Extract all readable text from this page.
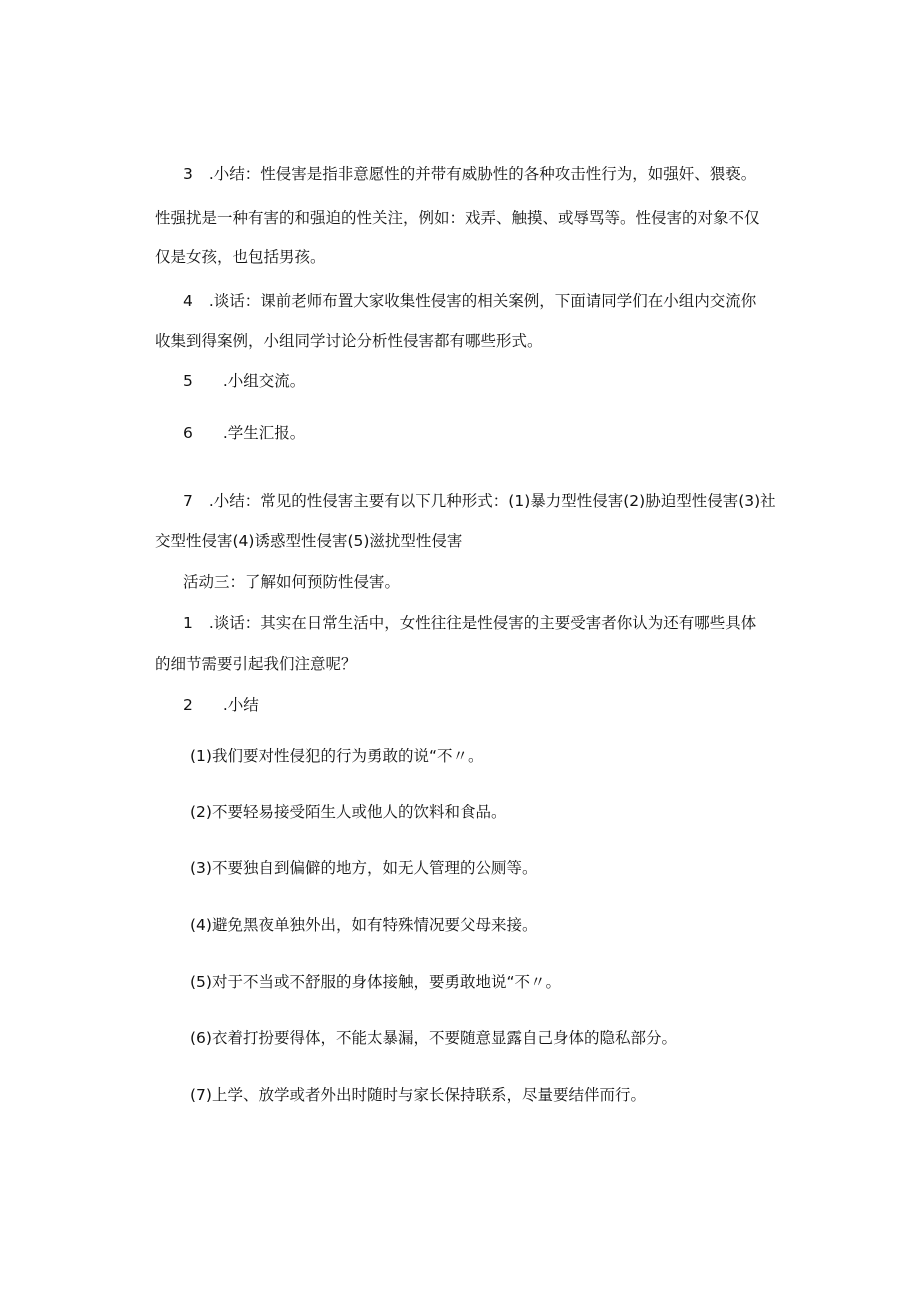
3 .小结：性侵害是指非意愿性的并带有威胁性的各种攻击性行为，如强奸、猥亵。
性强扰是一种有害的和强迫的性关注，例如：戏弄、触摸、或辱骂等。性侵害的对象不仅
仅是女孩，也包括男孩。
4 .谈话：课前老师布置大家收集性侵害的相关案例，下面请同学们在小组内交流你
收集到得案例，小组同学讨论分析性侵害都有哪些形式。
5 .小组交流。
6 .学生汇报。
7 .小结：常见的性侵害主要有以下几种形式：(1)暴力型性侵害(2)胁迫型性侵害(3)社
交型性侵害(4)诱惑型性侵害(5)滋扰型性侵害
活动三：了解如何预防性侵害。
1 .谈话：其实在日常生活中，女性往往是性侵害的主要受害者你认为还有哪些具体
的细节需要引起我们注意呢？
2 .小结
(1)我们要对性侵犯的行为勇敢的说“不〃。
(2)不要轻易接受陌生人或他人的饮料和食品。
(3)不要独自到偏僻的地方，如无人管理的公厕等。
(4)避免黑夜单独外出，如有特殊情况要父母来接。
(5)对于不当或不舒服的身体接触，要勇敢地说“不〃。
(6)衣着打扮要得体，不能太暴漏，不要随意显露自己身体的隐私部分。
(7)上学、放学或者外出时随时与家长保持联系，尽量要结伴而行。
